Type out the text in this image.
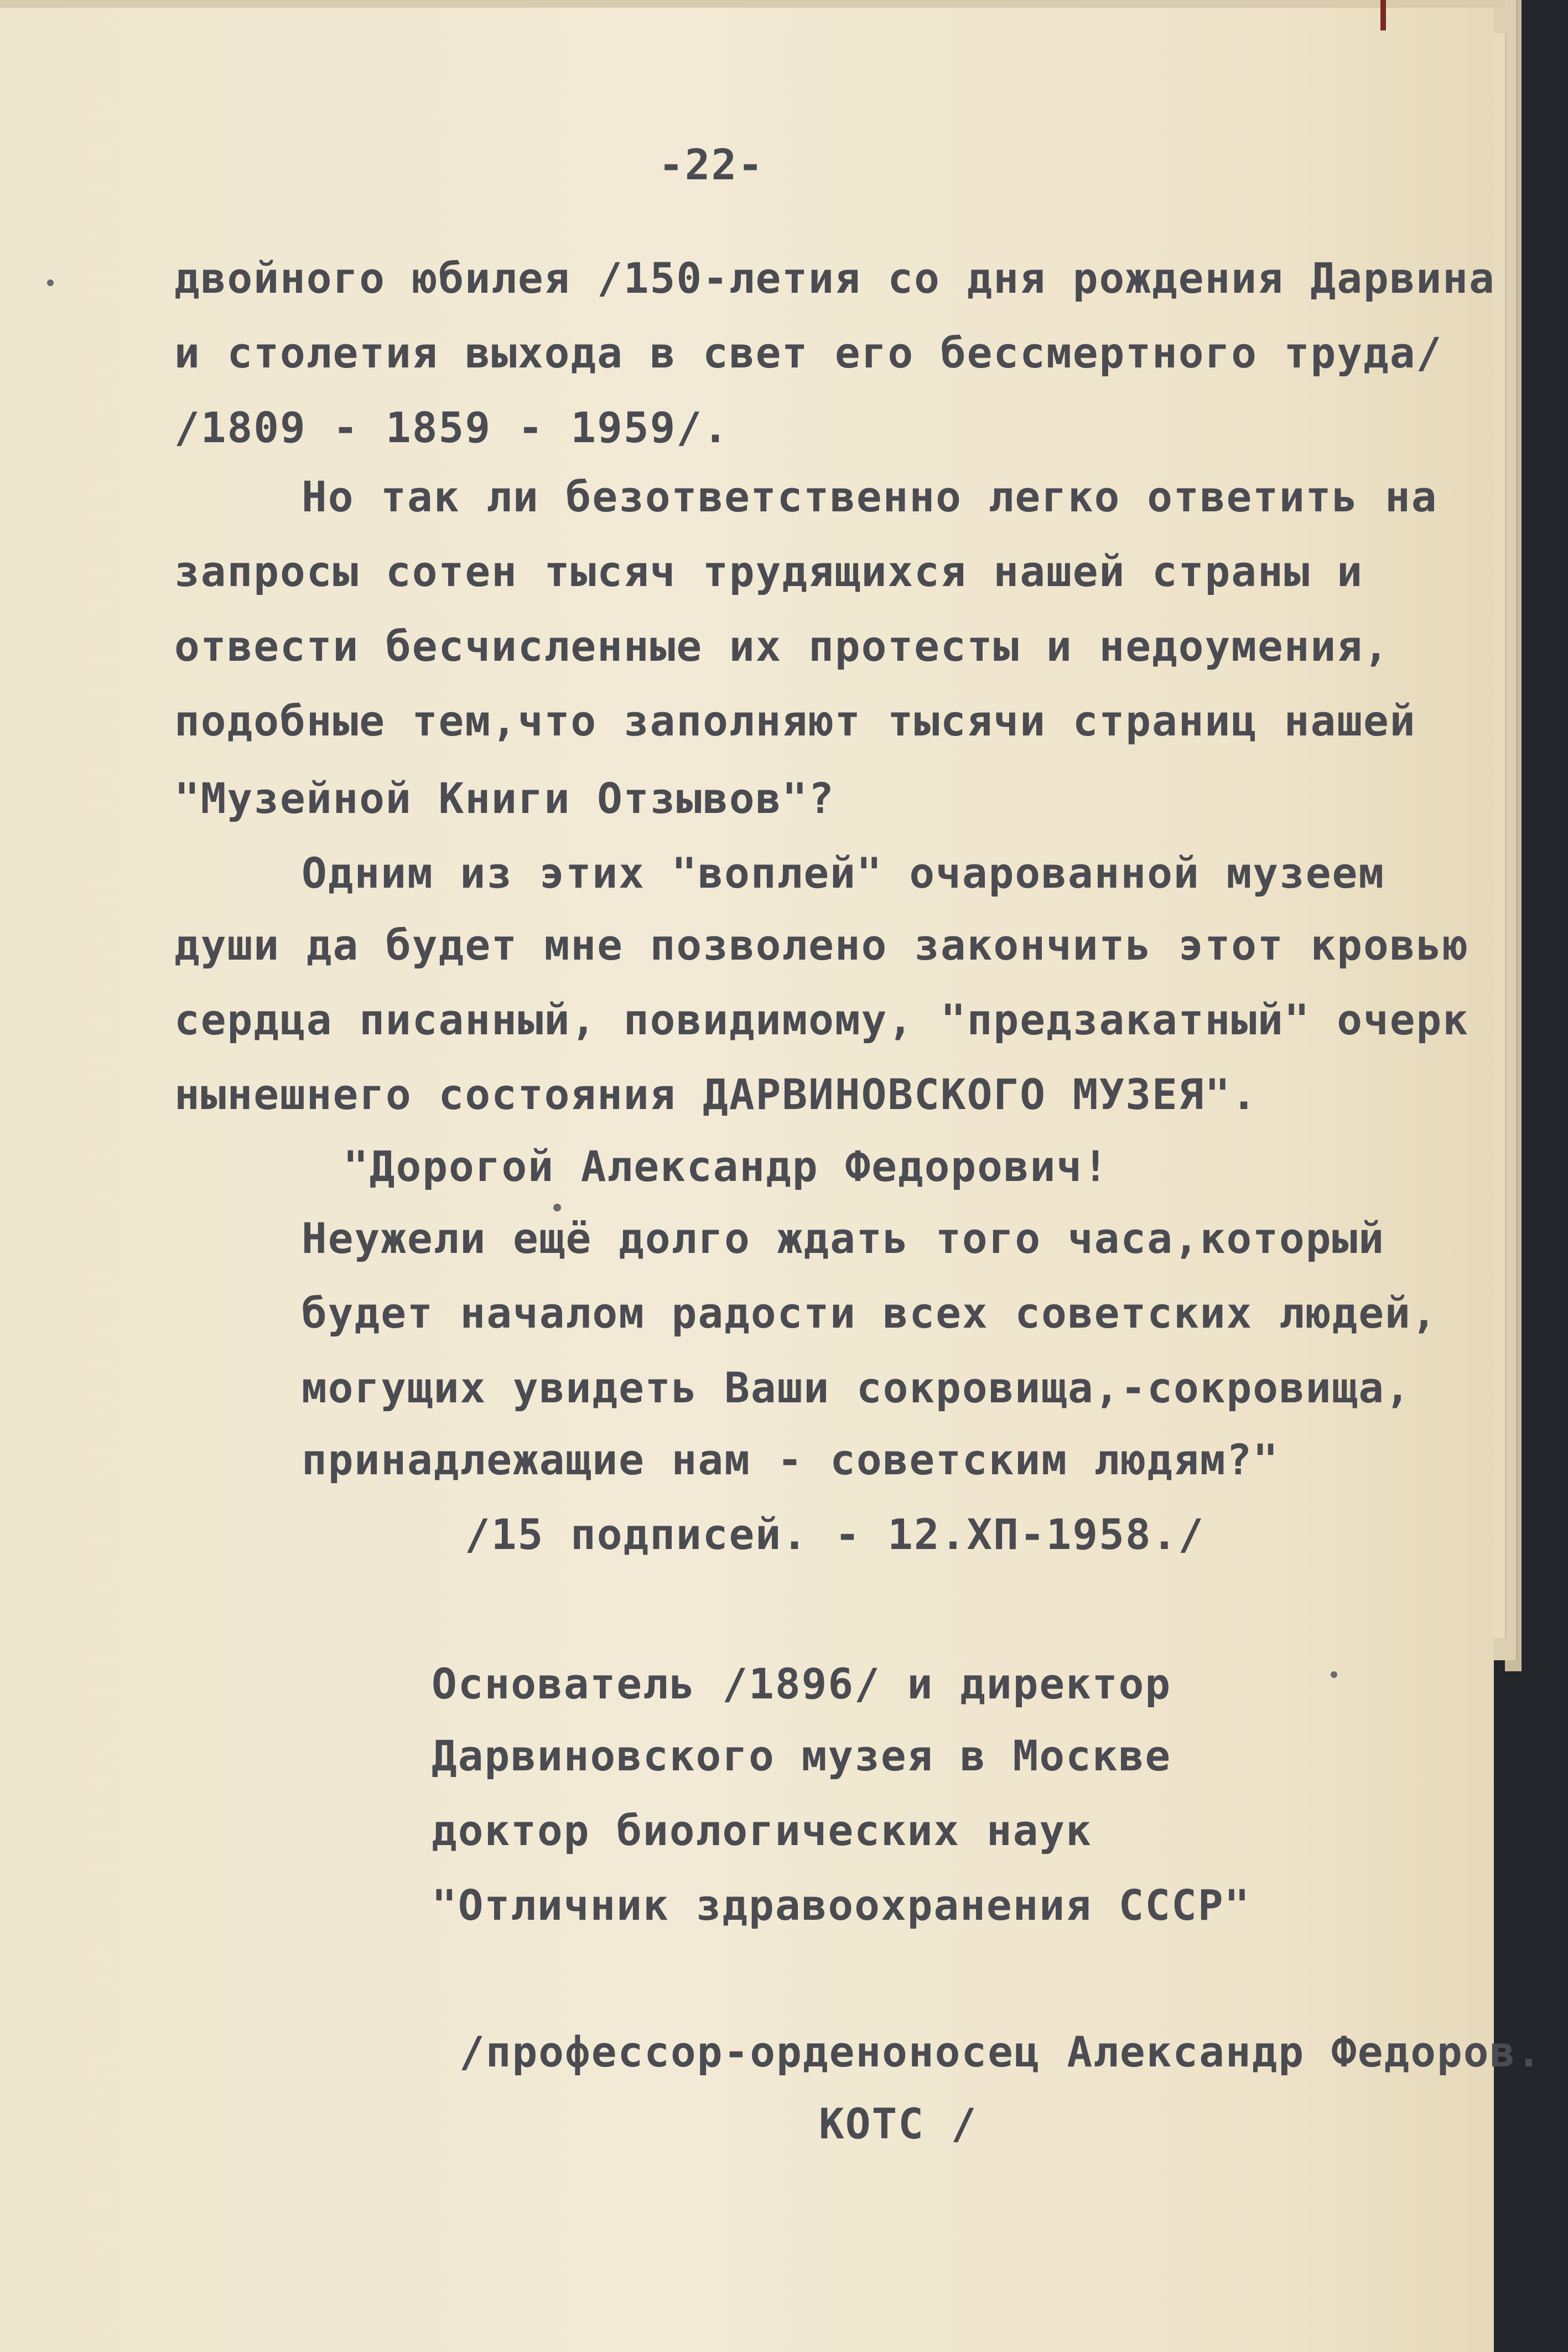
-22-
двойного юбилея /150-летия со дня рождения Дарвина
и столетия выхода в свет его бессмертного труда/
/1809 - 1859 - 1959/.
Но так ли безответственно легко ответить на
запросы сотен тысяч трудящихся нашей страны и
отвести бесчисленные их протесты и недоумения,
подобные тем,что заполняют тысячи страниц нашей
"Музейной Книги Отзывов"?
Одним из этих "воплей" очарованной музеем
души да будет мне позволено закончить этот кровью
сердца писанный, повидимому, "предзакатный" очерк
нынешнего состояния ДАРВИНОВСКОГО МУЗЕЯ".
"Дорогой Александр Федорович!
Неужели ещё долго ждать того часа,который
будет началом радости всех советских людей,
могущих увидеть Ваши сокровища,-сокровища,
принадлежащие нам - советским людям?"
/15 подписей. - 12.ХП-1958./
Основатель /1896/ и директор
Дарвиновского музея в Москве
доктор биологических наук
"Отличник здравоохранения СССР"
/профессор-орденоносец Александр Федоров.
КОТС /
